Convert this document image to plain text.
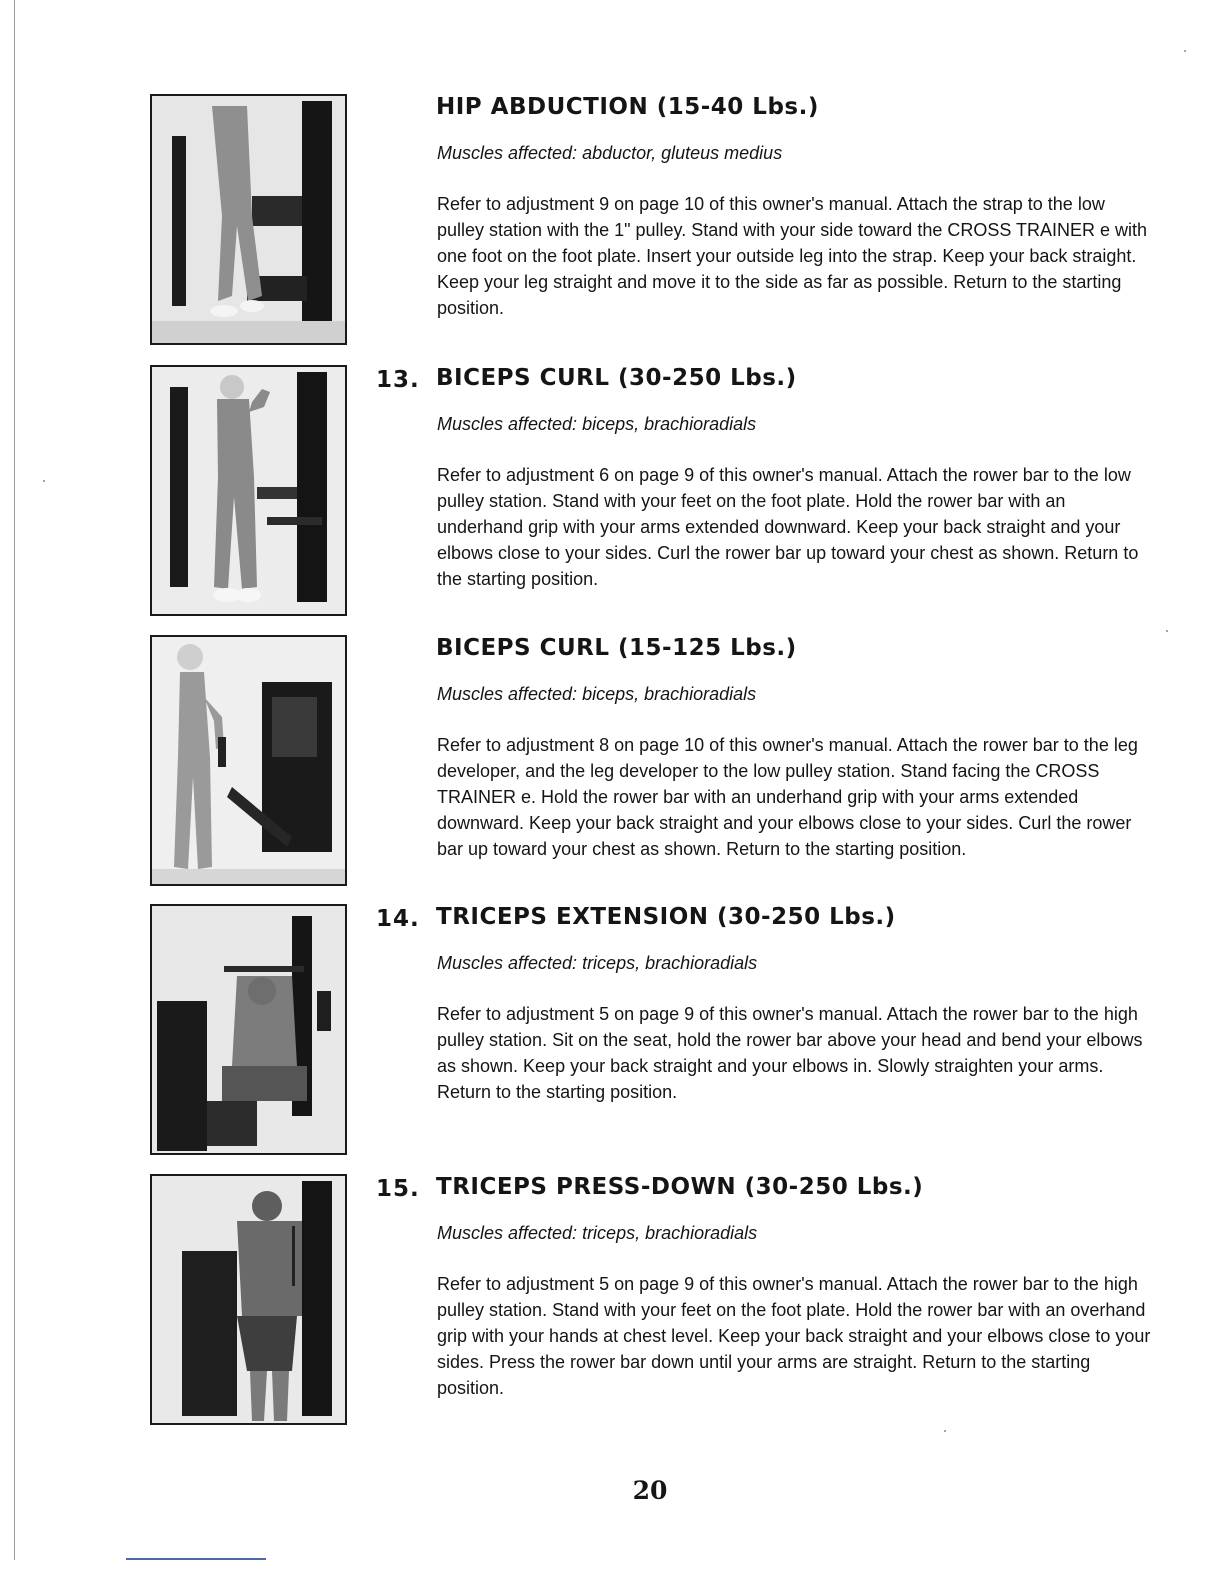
HIP ABDUCTION (15-40 Lbs.)
Muscles affected: abductor, gluteus medius

Refer to adjustment 9 on page 10 of this owner's manual. Attach the strap to the low pulley station with the 1" pulley. Stand with your side toward the CROSS TRAINER e with one foot on the foot plate. Insert your outside leg into the strap. Keep your back straight. Keep your leg straight and move it to the side as far as possible. Return to the starting position.

13. BICEPS CURL (30-250 Lbs.)
Muscles affected: biceps, brachioradials

Refer to adjustment 6 on page 9 of this owner's manual. Attach the rower bar to the low pulley station. Stand with your feet on the foot plate. Hold the rower bar with an underhand grip with your arms extended downward. Keep your back straight and your elbows close to your sides. Curl the rower bar up toward your chest as shown. Return to the starting position.

BICEPS CURL (15-125 Lbs.)
Muscles affected: biceps, brachioradials

Refer to adjustment 8 on page 10 of this owner's manual. Attach the rower bar to the leg developer, and the leg developer to the low pulley station. Stand facing the CROSS TRAINER e. Hold the rower bar with an underhand grip with your arms extended downward. Keep your back straight and your elbows close to your sides. Curl the rower bar up toward your chest as shown. Return to the starting position.

14. TRICEPS EXTENSION (30-250 Lbs.)
Muscles affected: triceps, brachioradials

Refer to adjustment 5 on page 9 of this owner's manual. Attach the rower bar to the high pulley station. Sit on the seat, hold the rower bar above your head and bend your elbows as shown. Keep your back straight and your elbows in. Slowly straighten your arms. Return to the starting position.

15. TRICEPS PRESS-DOWN (30-250 Lbs.)
Muscles affected: triceps, brachioradials

Refer to adjustment 5 on page 9 of this owner's manual. Attach the rower bar to the high pulley station. Stand with your feet on the foot plate. Hold the rower bar with an overhand grip with your hands at chest level. Keep your back straight and your elbows close to your sides. Press the rower bar down until your arms are straight. Return to the starting position.

20
